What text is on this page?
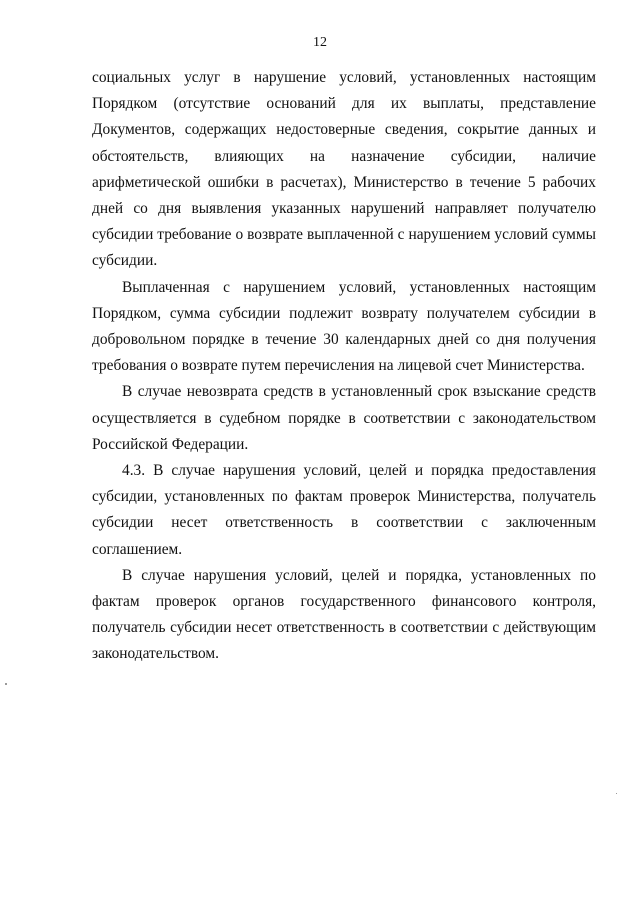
12

социальных услуг в нарушение условий, установленных настоящим Порядком (отсутствие оснований для их выплаты, представление Документов, содержащих недостоверные сведения, сокрытие данных и обстоятельств, влияющих на назначение субсидии, наличие арифметической ошибки в расчетах), Министерство в течение 5 рабочих дней со дня выявления указанных нарушений направляет получателю субсидии требование о возврате выплаченной с нарушением условий суммы субсидии.

Выплаченная с нарушением условий, установленных настоящим Порядком, сумма субсидии подлежит возврату получателем субсидии в добровольном порядке в течение 30 календарных дней со дня получения требования о возврате путем перечисления на лицевой счет Министерства.

В случае невозврата средств в установленный срок взыскание средств осуществляется в судебном порядке в соответствии с законодательством Российской Федерации.

4.3. В случае нарушения условий, целей и порядка предоставления субсидии, установленных по фактам проверок Министерства, получатель субсидии несет ответственность в соответствии с заключенным соглашением.

В случае нарушения условий, целей и порядка, установленных по фактам проверок органов государственного финансового контроля, получатель субсидии несет ответственность в соответствии с действующим законодательством.
